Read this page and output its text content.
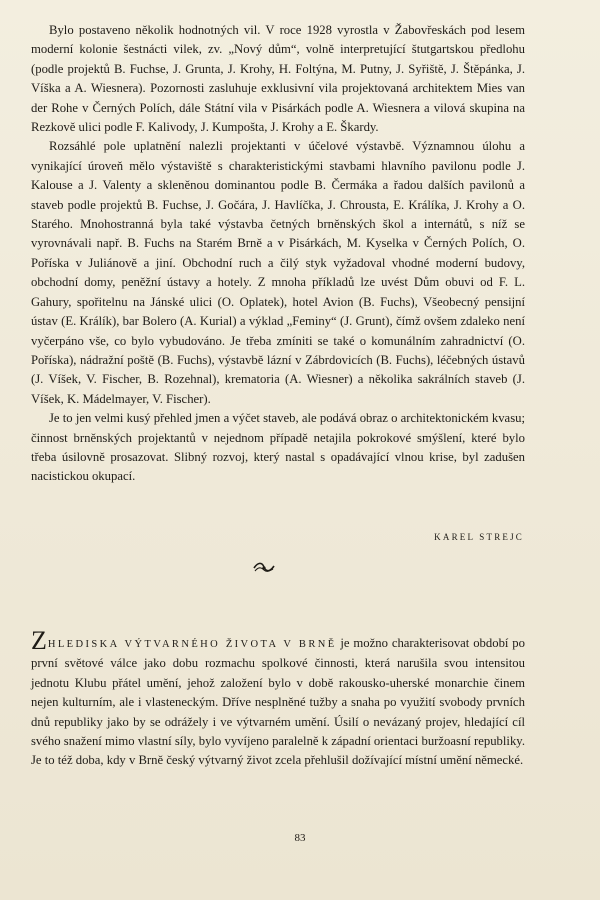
Bylo postaveno několik hodnotných vil. V roce 1928 vyrostla v Žabovřeskách pod lesem moderní kolonie šestnácti vilek, zv. „Nový dům“, volně interpretující štutgartskou předlohu (podle projektů B. Fuchse, J. Grunta, J. Krohy, H. Foltýna, M. Putny, J. Syřiště, J. Štěpánka, J. Víška a A. Wiesnera). Pozornosti zasluhuje exklusivní vila projektovaná architektem Mies van der Rohe v Černých Polích, dále Státní vila v Pisárkách podle A. Wiesnera a vilová skupina na Rezkově ulici podle F. Kalivody, J. Kumpošta, J. Krohy a E. Škardy.

Rozsáhlé pole uplatnění nalezli projektanti v účelové výstavbě. Významnou úlohu a vynikající úroveň mělo výstaviště s charakteristickými stavbami hlavního pavilonu podle J. Kalouse a J. Valenty a skleněnou dominantou podle B. Čermáka a řadou dalších pavilonů a staveb podle projektů B. Fuchse, J. Gočára, J. Havlíčka, J. Chrousta, E. Králíka, J. Krohy a O. Starého. Mnohostranná byla také výstavba četných brněnských škol a internátů, s níž se vyrovnávali např. B. Fuchs na Starém Brně a v Pisárkách, M. Kyselka v Černých Polích, O. Poříska v Juliánově a jiní. Obchodní ruch a čilý styk vyžadoval vhodné moderní budovy, obchodní domy, peněžní ústavy a hotely. Z mnoha příkladů lze uvést Dům obuvi od F. L. Gahury, spořitelnu na Jánské ulici (O. Oplatek), hotel Avion (B. Fuchs), Všeobecný pensijní ústav (E. Králík), bar Bolero (A. Kurial) a výklad „Feminy“ (J. Grunt), čímž ovšem zdaleko není vyčerpáno vše, co bylo vybudováno. Je třeba zmíniti se také o komunálním zahradnictví (O. Poříska), nádražní poště (B. Fuchs), výstavbě lázní v Zábrdovicích (B. Fuchs), léčebných ústavů (J. Víšek, V. Fischer, B. Rozehnal), krematoria (A. Wiesner) a několika sakrálních staveb (J. Víšek, K. Mádelmayer, V. Fischer).

Je to jen velmi kusý přehled jmen a výčet staveb, ale podává obraz o architektonickém kvasu; činnost brněnských projektantů v nejednom případě netajila pokrokové smýšlení, které bylo třeba úsilovně prosazovat. Slibný rozvoj, který nastal s opadávající vlnou krise, byl zadušen nacistickou okupací.

KAREL STREJC

ZHLEDISKA VÝTVARNÉHO ŽIVOTA V BRNĚ je možno charakterisovat období po první světové válce jako dobu rozmachu spolkové činnosti, která narušila svou intensitou jednotu Klubu přátel umění, jehož založení bylo v době rakousko-uherské monarchie činem nejen kulturním, ale i vlasteneckým. Dříve nesplněné tužby a snaha po využití svobody prvních dnů republiky jako by se odrážely i ve výtvarném umění. Úsilí o nevázaný projev, hledající cíl svého snažení mimo vlastní síly, bylo vyvíjeno paralelně k západní orientaci buržoasní republiky. Je to též doba, kdy v Brně český výtvarný život zcela přehlušil dožívající místní umění německé.

83
